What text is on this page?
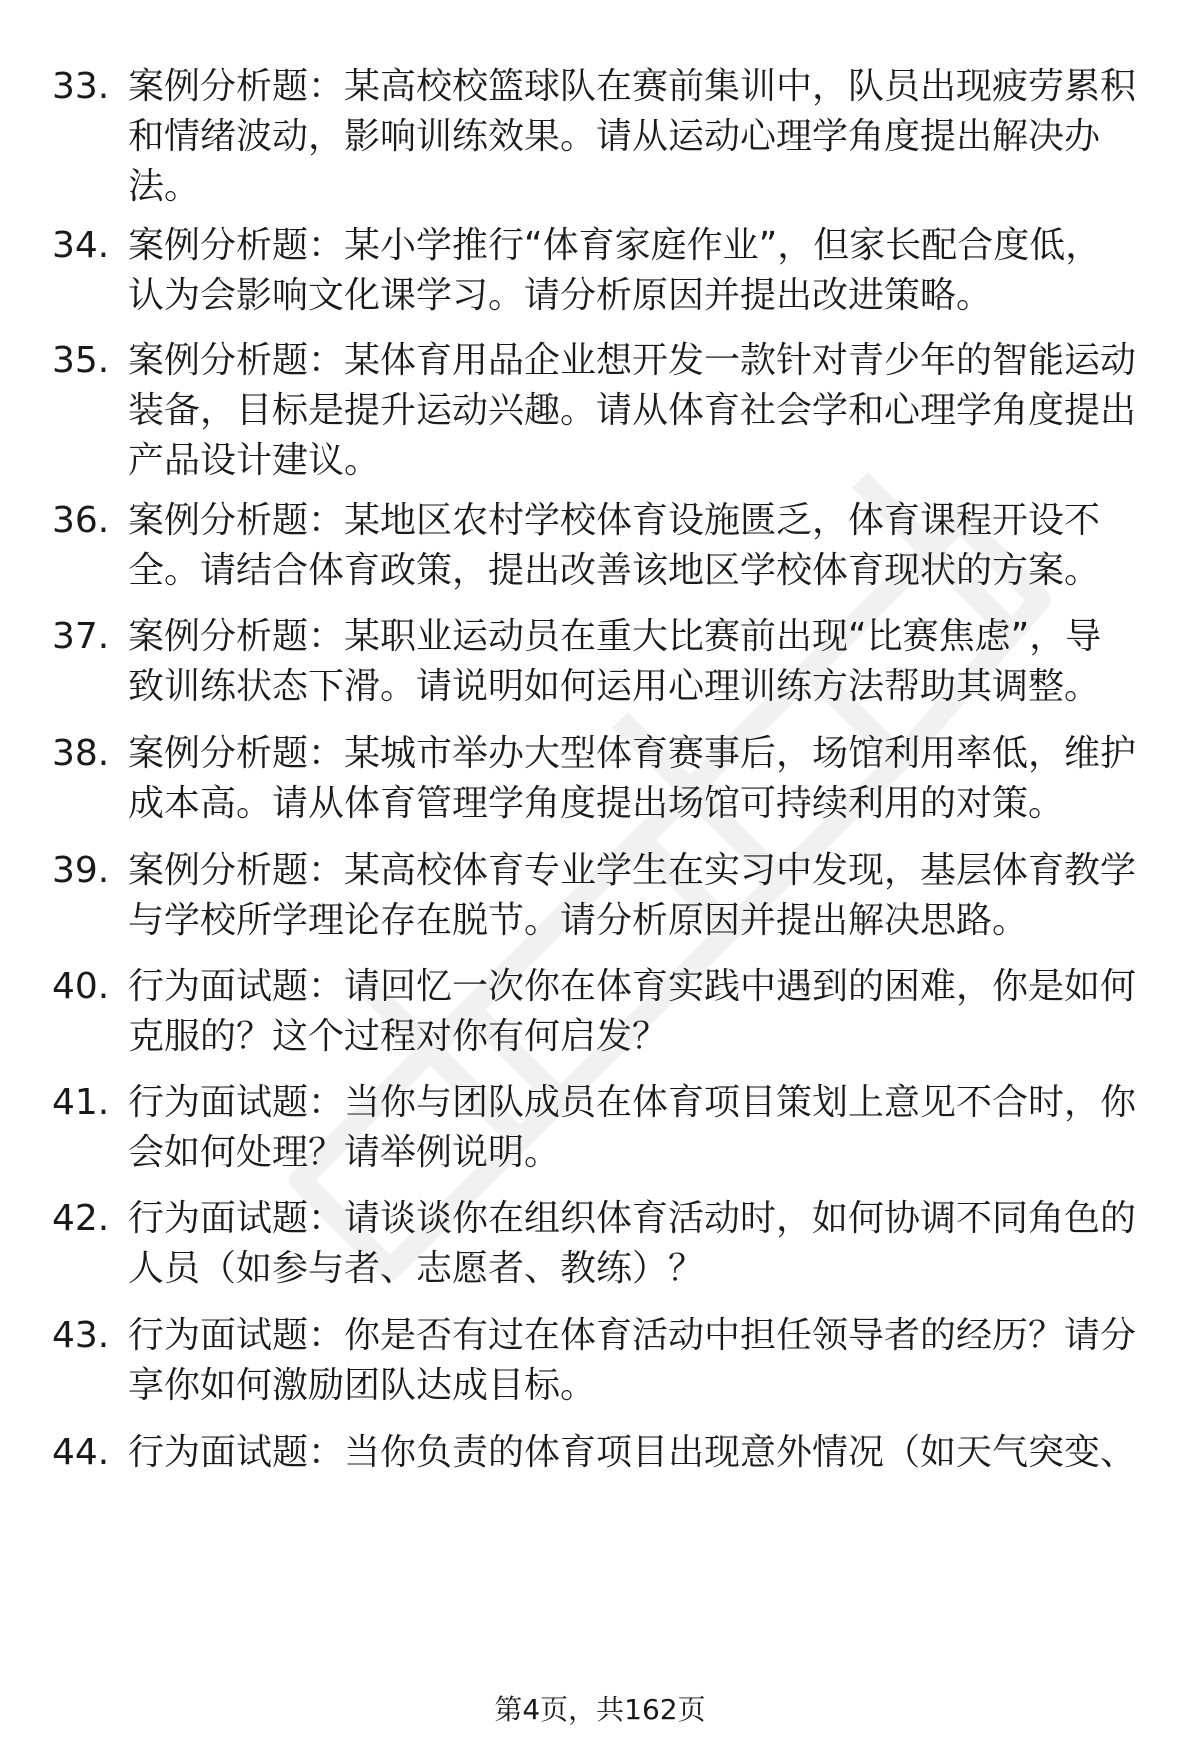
33. 案例分析题：某高校校篮球队在赛前集训中，队员出现疲劳累积
和情绪波动，影响训练效果。请从运动心理学角度提出解决办
法。
34. 案例分析题：某小学推行“体育家庭作业”，但家长配合度低，
认为会影响文化课学习。请分析原因并提出改进策略。
35. 案例分析题：某体育用品企业想开发一款针对青少年的智能运动
装备，目标是提升运动兴趣。请从体育社会学和心理学角度提出
产品设计建议。
36. 案例分析题：某地区农村学校体育设施匮乏，体育课程开设不
全。请结合体育政策，提出改善该地区学校体育现状的方案。
37. 案例分析题：某职业运动员在重大比赛前出现“比赛焦虑”，导
致训练状态下滑。请说明如何运用心理训练方法帮助其调整。
38. 案例分析题：某城市举办大型体育赛事后，场馆利用率低，维护
成本高。请从体育管理学角度提出场馆可持续利用的对策。
39. 案例分析题：某高校体育专业学生在实习中发现，基层体育教学
与学校所学理论存在脱节。请分析原因并提出解决思路。
40. 行为面试题：请回忆一次你在体育实践中遇到的困难，你是如何
克服的？这个过程对你有何启发？
41. 行为面试题：当你与团队成员在体育项目策划上意见不合时，你
会如何处理？请举例说明。
42. 行为面试题：请谈谈你在组织体育活动时，如何协调不同角色的
人员（如参与者、志愿者、教练）？
43. 行为面试题：你是否有过在体育活动中担任领导者的经历？请分
享你如何激励团队达成目标。
44. 行为面试题：当你负责的体育项目出现意外情况（如天气突变、
第4页，共162页
